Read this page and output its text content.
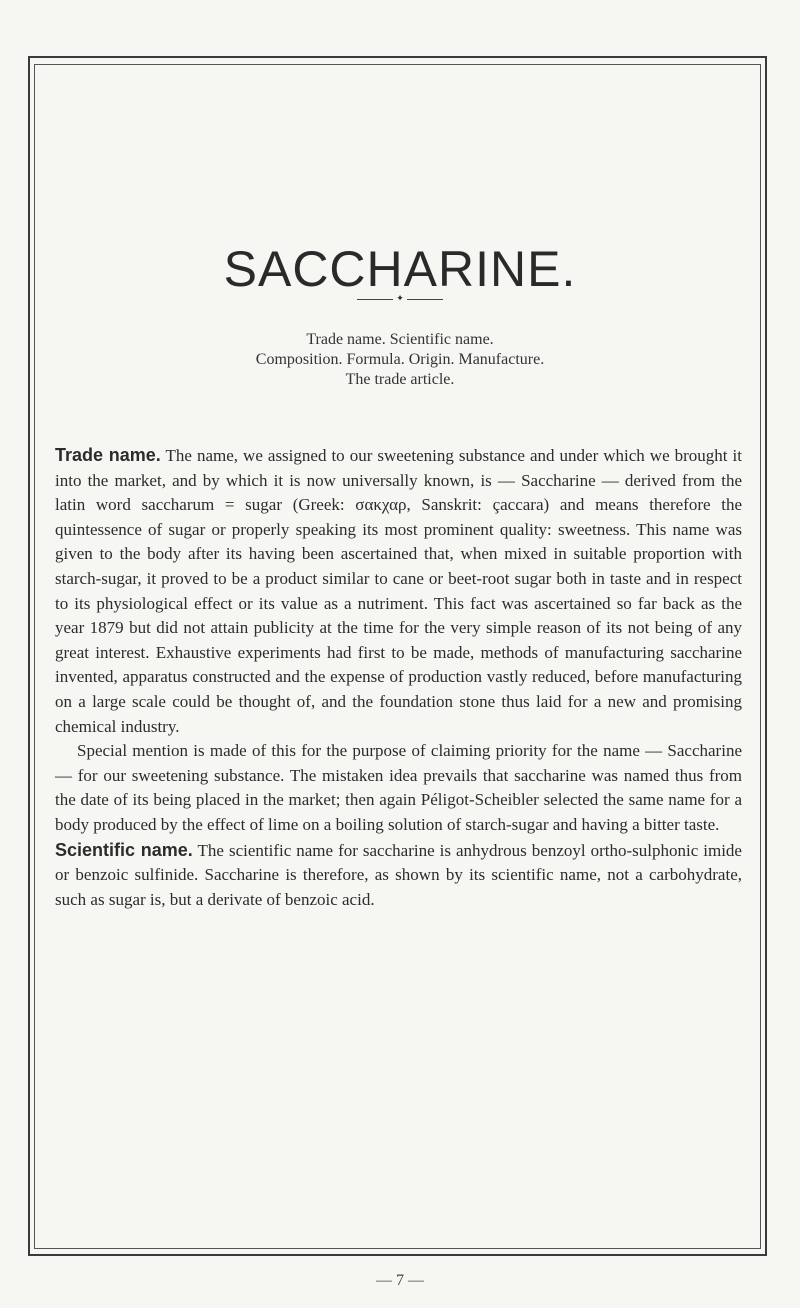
SACCHARINE.
✦

Trade name. Scientific name.

Composition. Formula. Origin. Manufacture.

The trade article.

Trade name. The name, we assigned to our sweetening substance and under which we brought it into the market, and by which it is now universally known, is — Saccharine — derived from the latin word saccharum = sugar (Greek: σακχαρ, Sanskrit: çaccara) and means therefore the quintessence of sugar or properly speaking its most prominent quality: sweetness. This name was given to the body after its having been ascertained that, when mixed in suitable proportion with starch-sugar, it proved to be a product similar to cane or beet-root sugar both in taste and in respect to its physiological effect or its value as a nutriment. This fact was ascertained so far back as the year 1879 but did not attain publicity at the time for the very simple reason of its not being of any great interest. Exhaustive experiments had first to be made, methods of manufacturing saccharine invented, apparatus constructed and the expense of production vastly reduced, before manufacturing on a large scale could be thought of, and the foundation stone thus laid for a new and promising chemical industry.

Special mention is made of this for the purpose of claiming priority for the name — Saccharine — for our sweetening substance. The mistaken idea prevails that saccharine was named thus from the date of its being placed in the market; then again Péligot-Scheibler selected the same name for a body produced by the effect of lime on a boiling solution of starch-sugar and having a bitter taste.

Scientific name. The scientific name for saccharine is anhydrous benzoyl ortho-sulphonic imide or benzoic sulfinide. Saccharine is therefore, as shown by its scientific name, not a carbohydrate, such as sugar is, but a derivate of benzoic acid.

— 7 —
